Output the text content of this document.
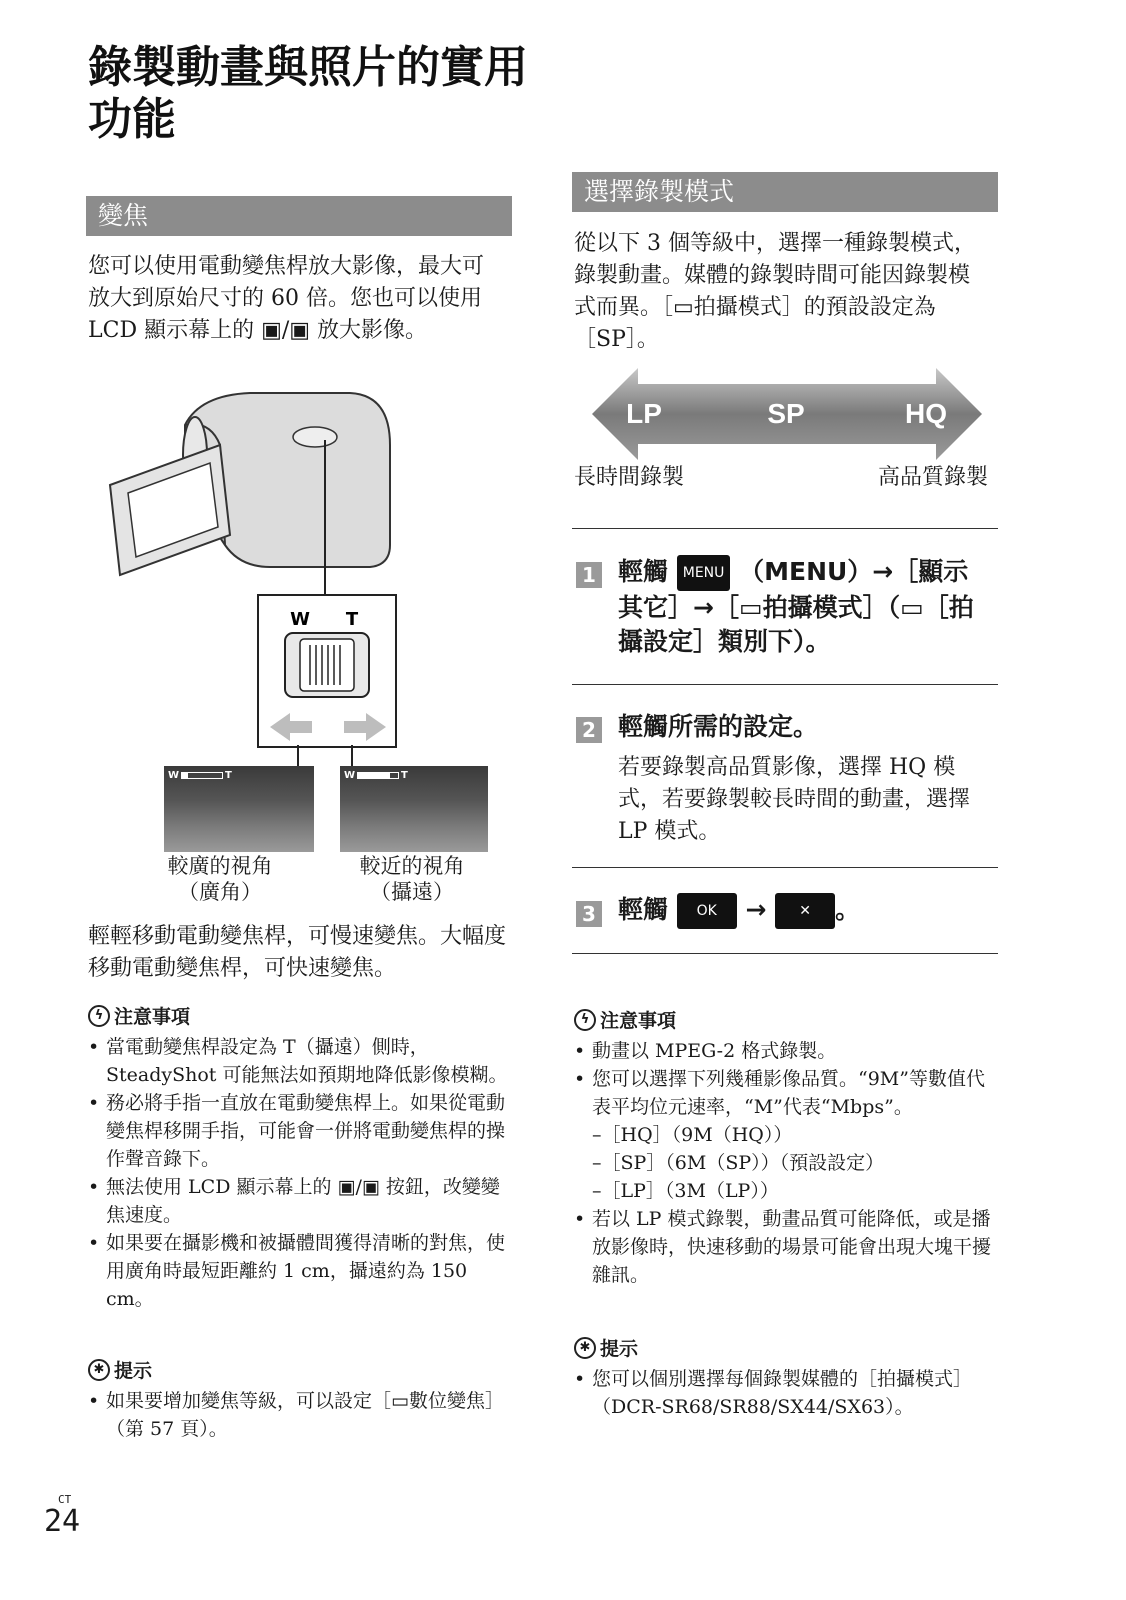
錄製動畫與照片的實用功能
變焦
您可以使用電動變焦桿放大影像，最大可放大到原始尺寸的 60 倍。您也可以使用 LCD 顯示幕上的 ▣/▣ 放大影像。
W T
W	T	W	T
較廣的視角
（廣角）
較近的視角
（攝遠）
輕輕移動電動變焦桿，可慢速變焦。大幅度移動電動變焦桿，可快速變焦。
ϟ 注意事項
• 當電動變焦桿設定為 T（攝遠）側時，SteadyShot 可能無法如預期地降低影像模糊。
• 務必將手指一直放在電動變焦桿上。如果從電動變焦桿移開手指，可能會一併將電動變焦桿的操作聲音錄下。
• 無法使用 LCD 顯示幕上的 ▣/▣ 按鈕，改變變焦速度。
• 如果要在攝影機和被攝體間獲得清晰的對焦，使用廣角時最短距離約 1 cm，攝遠約為 150 cm。
✱ 提示
• 如果要增加變焦等級，可以設定［▭數位變焦］（第 57 頁）。
選擇錄製模式
從以下 3 個等級中，選擇一種錄製模式，錄製動畫。媒體的錄製時間可能因錄製模式而異。［▭拍攝模式］的預設設定為［SP］。
LP	SP	HQ
長時間錄製	高品質錄製
1 輕觸 MENU （MENU）→［顯示其它］→［▭拍攝模式］（▭［拍攝設定］類別下）。
2 輕觸所需的設定。
若要錄製高品質影像，選擇 HQ 模式，若要錄製較長時間的動畫，選擇 LP 模式。
3 輕觸 OK → ✕ 。
ϟ 注意事項
• 動畫以 MPEG-2 格式錄製。
• 您可以選擇下列幾種影像品質。“9M”等數值代表平均位元速率，“M”代表“Mbps”。
–［HQ］（9M（HQ））
–［SP］（6M（SP））（預設設定）
–［LP］（3M（LP））
• 若以 LP 模式錄製，動畫品質可能降低，或是播放影像時，快速移動的場景可能會出現大塊干擾雜訊。
✱ 提示
• 您可以個別選擇每個錄製媒體的［拍攝模式］（DCR-SR68/SR88/SX44/SX63）。
CT
24
